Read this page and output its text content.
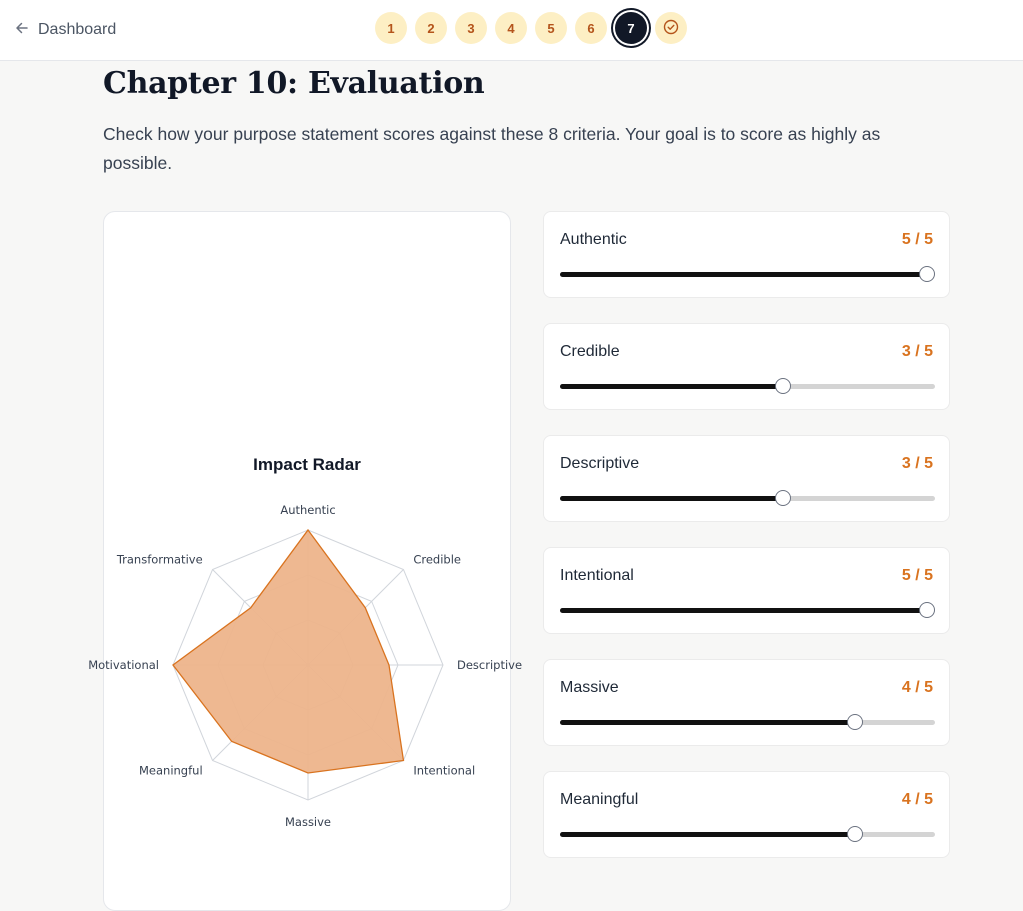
Dashboard	1	2	3	4	5	6	7
Chapter 10: Evaluation

Check how your purpose statement scores against these 8 criteria. Your goal is to score as highly as possible.

Impact Radar
Authentic
Credible
Descriptive
Intentional
Massive
Meaningful
Motivational
Transformative
Authentic	5 / 5
Credible	3 / 5
Descriptive	3 / 5
Intentional	5 / 5
Massive	4 / 5
Meaningful	4 / 5
